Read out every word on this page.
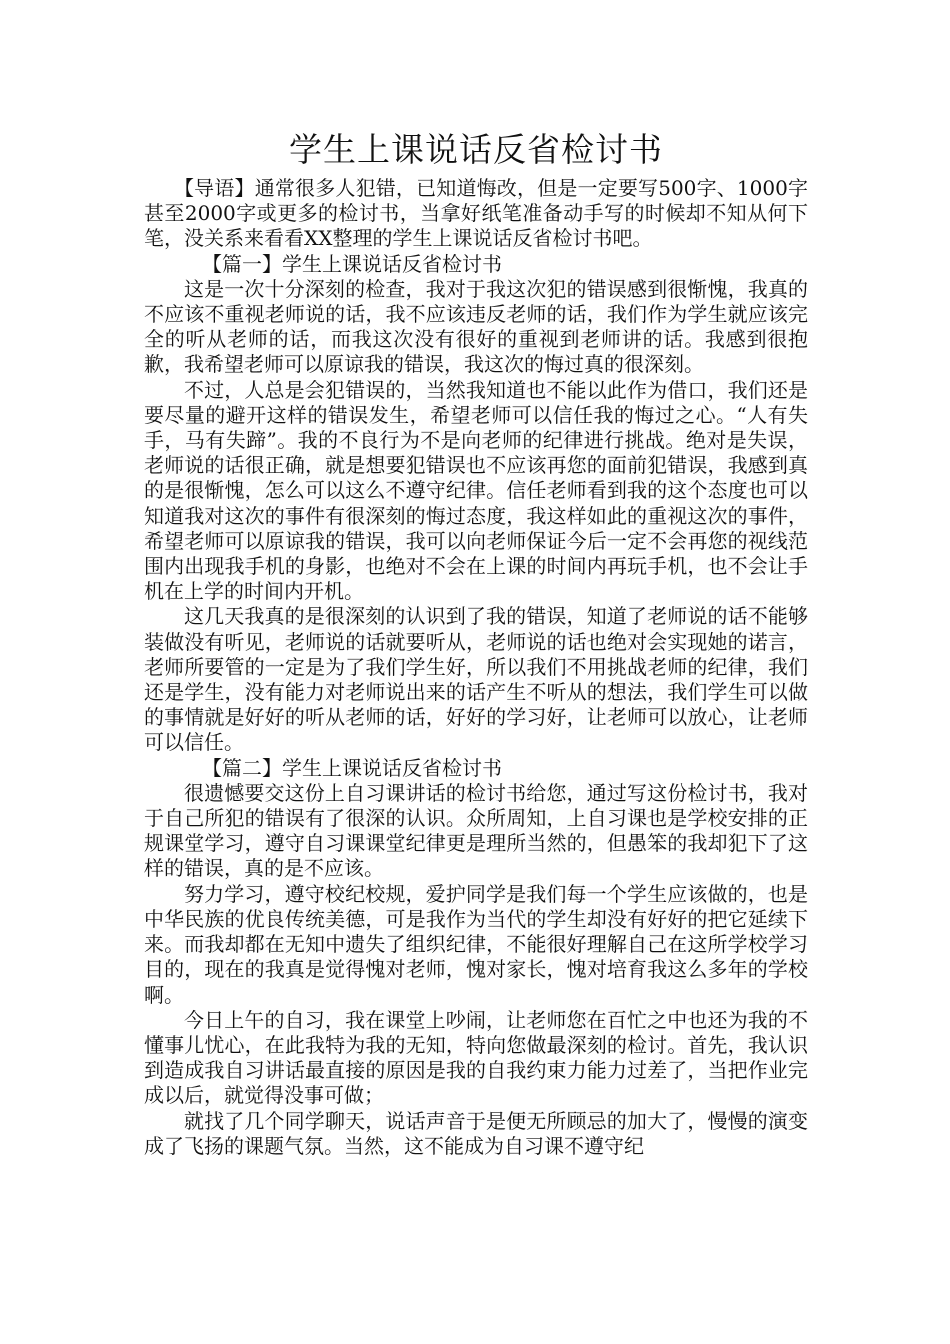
学生上课说话反省检讨书

【导语】通常很多人犯错，已知道悔改，但是一定要写500字、1000字甚至2000字或更多的检讨书，当拿好纸笔准备动手写的时候却不知从何下笔，没关系来看看XX整理的学生上课说话反省检讨书吧。

【篇一】学生上课说话反省检讨书

这是一次十分深刻的检查，我对于我这次犯的错误感到很惭愧，我真的不应该不重视老师说的话，我不应该违反老师的话，我们作为学生就应该完全的听从老师的话，而我这次没有很好的重视到老师讲的话。我感到很抱歉，我希望老师可以原谅我的错误，我这次的悔过真的很深刻。

不过，人总是会犯错误的，当然我知道也不能以此作为借口，我们还是要尽量的避开这样的错误发生，希望老师可以信任我的悔过之心。“人有失手，马有失蹄”。我的不良行为不是向老师的纪律进行挑战。绝对是失误，老师说的话很正确，就是想要犯错误也不应该再您的面前犯错误，我感到真的是很惭愧，怎么可以这么不遵守纪律。信任老师看到我的这个态度也可以知道我对这次的事件有很深刻的悔过态度，我这样如此的重视这次的事件，希望老师可以原谅我的错误，我可以向老师保证今后一定不会再您的视线范围内出现我手机的身影，也绝对不会在上课的时间内再玩手机，也不会让手机在上学的时间内开机。

这几天我真的是很深刻的认识到了我的错误，知道了老师说的话不能够装做没有听见，老师说的话就要听从，老师说的话也绝对会实现她的诺言，老师所要管的一定是为了我们学生好，所以我们不用挑战老师的纪律，我们还是学生，没有能力对老师说出来的话产生不听从的想法，我们学生可以做的事情就是好好的听从老师的话，好好的学习好，让老师可以放心，让老师可以信任。

【篇二】学生上课说话反省检讨书

很遗憾要交这份上自习课讲话的检讨书给您，通过写这份检讨书，我对于自己所犯的错误有了很深的认识。众所周知，上自习课也是学校安排的正规课堂学习，遵守自习课课堂纪律更是理所当然的，但愚笨的我却犯下了这样的错误，真的是不应该。

努力学习，遵守校纪校规，爱护同学是我们每一个学生应该做的，也是中华民族的优良传统美德，可是我作为当代的学生却没有好好的把它延续下来。而我却都在无知中遗失了组织纪律，不能很好理解自己在这所学校学习目的，现在的我真是觉得愧对老师，愧对家长，愧对培育我这么多年的学校啊。

今日上午的自习，我在课堂上吵闹，让老师您在百忙之中也还为我的不懂事儿忧心，在此我特为我的无知，特向您做最深刻的检讨。首先，我认识到造成我自习讲话最直接的原因是我的自我约束力能力过差了，当把作业完成以后，就觉得没事可做；

就找了几个同学聊天，说话声音于是便无所顾忌的加大了，慢慢的演变成了飞扬的课题气氛。当然，这不能成为自习课不遵守纪
